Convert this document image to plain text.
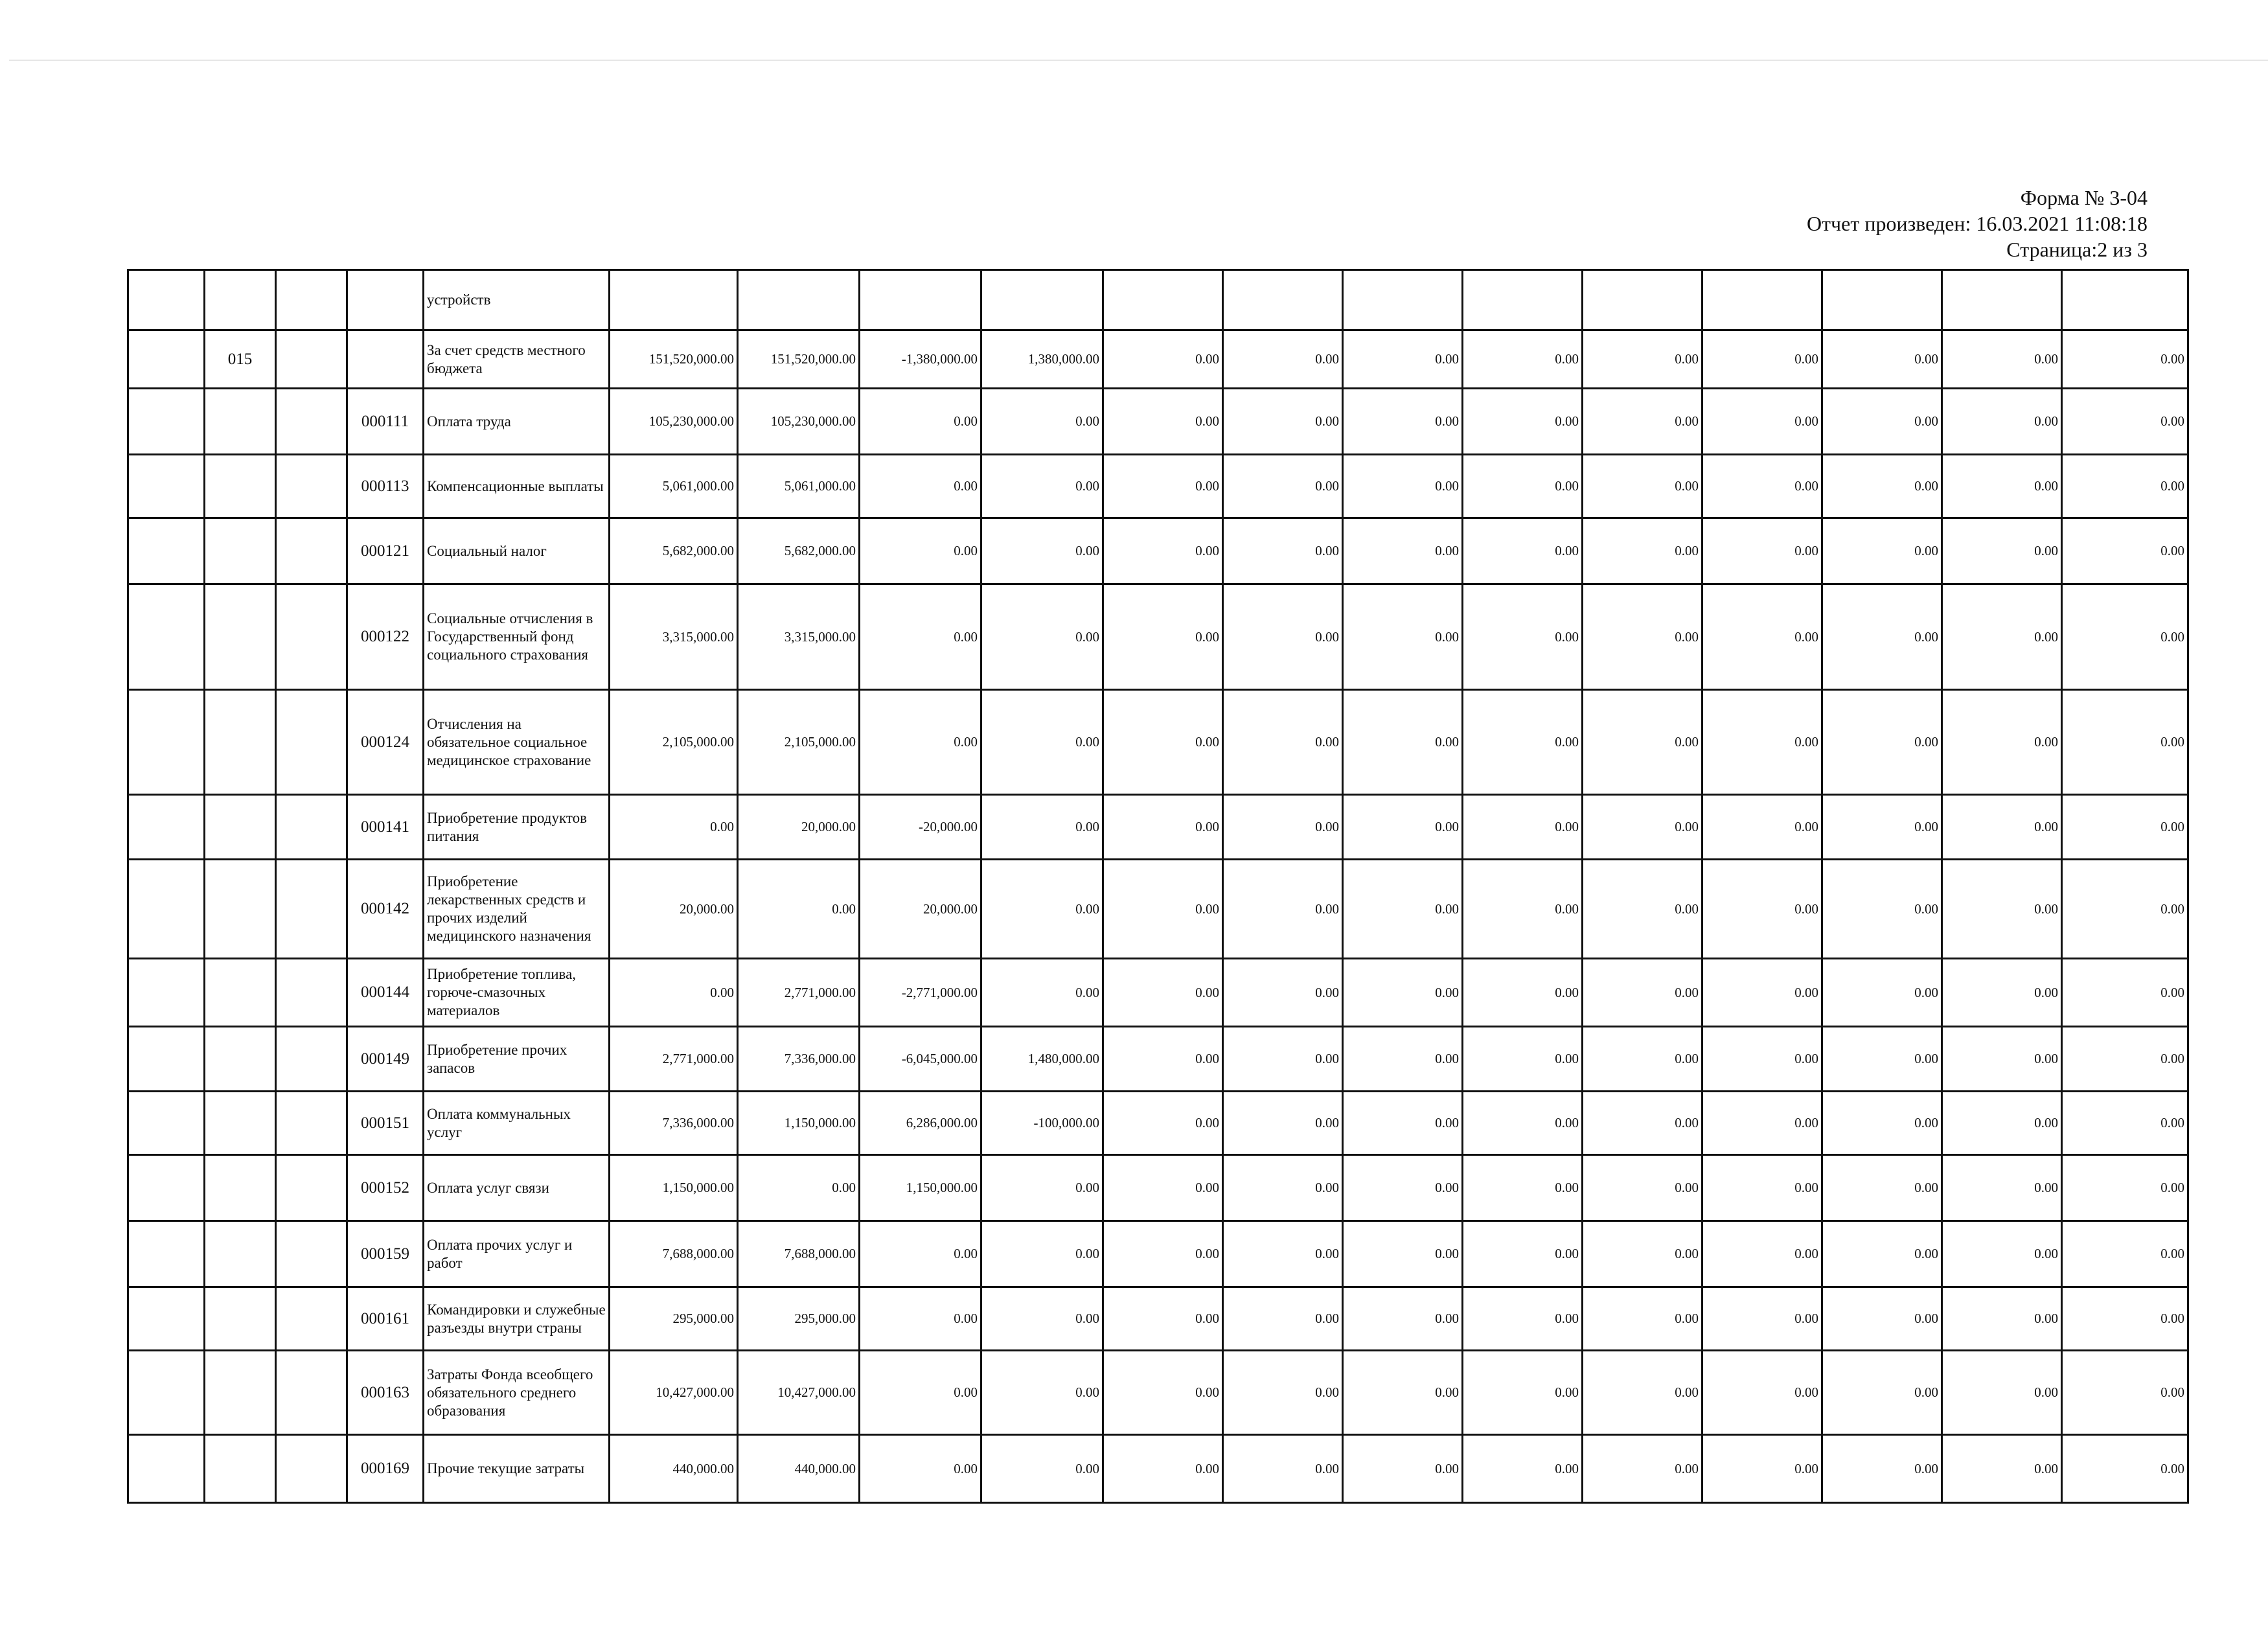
Форма № 3-04
Отчет произведен: 16.03.2021 11:08:18
Страница:2 из 3
				устройств													
	015			За счет средств местного бюджета	151,520,000.00	151,520,000.00	-1,380,000.00	1,380,000.00	0.00	0.00	0.00	0.00	0.00	0.00	0.00	0.00	0.00
			000111	Оплата труда	105,230,000.00	105,230,000.00	0.00	0.00	0.00	0.00	0.00	0.00	0.00	0.00	0.00	0.00	0.00
			000113	Компенсационные выплаты	5,061,000.00	5,061,000.00	0.00	0.00	0.00	0.00	0.00	0.00	0.00	0.00	0.00	0.00	0.00
			000121	Социальный налог	5,682,000.00	5,682,000.00	0.00	0.00	0.00	0.00	0.00	0.00	0.00	0.00	0.00	0.00	0.00
			000122	Социальные отчисления в Государственный фонд социального страхования	3,315,000.00	3,315,000.00	0.00	0.00	0.00	0.00	0.00	0.00	0.00	0.00	0.00	0.00	0.00
			000124	Отчисления на обязательное социальное медицинское страхование	2,105,000.00	2,105,000.00	0.00	0.00	0.00	0.00	0.00	0.00	0.00	0.00	0.00	0.00	0.00
			000141	Приобретение продуктов питания	0.00	20,000.00	-20,000.00	0.00	0.00	0.00	0.00	0.00	0.00	0.00	0.00	0.00	0.00
			000142	Приобретение лекарственных средств и прочих изделий медицинского назначения	20,000.00	0.00	20,000.00	0.00	0.00	0.00	0.00	0.00	0.00	0.00	0.00	0.00	0.00
			000144	Приобретение топлива, горюче-смазочных материалов	0.00	2,771,000.00	-2,771,000.00	0.00	0.00	0.00	0.00	0.00	0.00	0.00	0.00	0.00	0.00
			000149	Приобретение прочих запасов	2,771,000.00	7,336,000.00	-6,045,000.00	1,480,000.00	0.00	0.00	0.00	0.00	0.00	0.00	0.00	0.00	0.00
			000151	Оплата коммунальных услуг	7,336,000.00	1,150,000.00	6,286,000.00	-100,000.00	0.00	0.00	0.00	0.00	0.00	0.00	0.00	0.00	0.00
			000152	Оплата услуг связи	1,150,000.00	0.00	1,150,000.00	0.00	0.00	0.00	0.00	0.00	0.00	0.00	0.00	0.00	0.00
			000159	Оплата прочих услуг и работ	7,688,000.00	7,688,000.00	0.00	0.00	0.00	0.00	0.00	0.00	0.00	0.00	0.00	0.00	0.00
			000161	Командировки и служебные разъезды внутри страны	295,000.00	295,000.00	0.00	0.00	0.00	0.00	0.00	0.00	0.00	0.00	0.00	0.00	0.00
			000163	Затраты Фонда всеобщего обязательного среднего образования	10,427,000.00	10,427,000.00	0.00	0.00	0.00	0.00	0.00	0.00	0.00	0.00	0.00	0.00	0.00
			000169	Прочие текущие затраты	440,000.00	440,000.00	0.00	0.00	0.00	0.00	0.00	0.00	0.00	0.00	0.00	0.00	0.00
